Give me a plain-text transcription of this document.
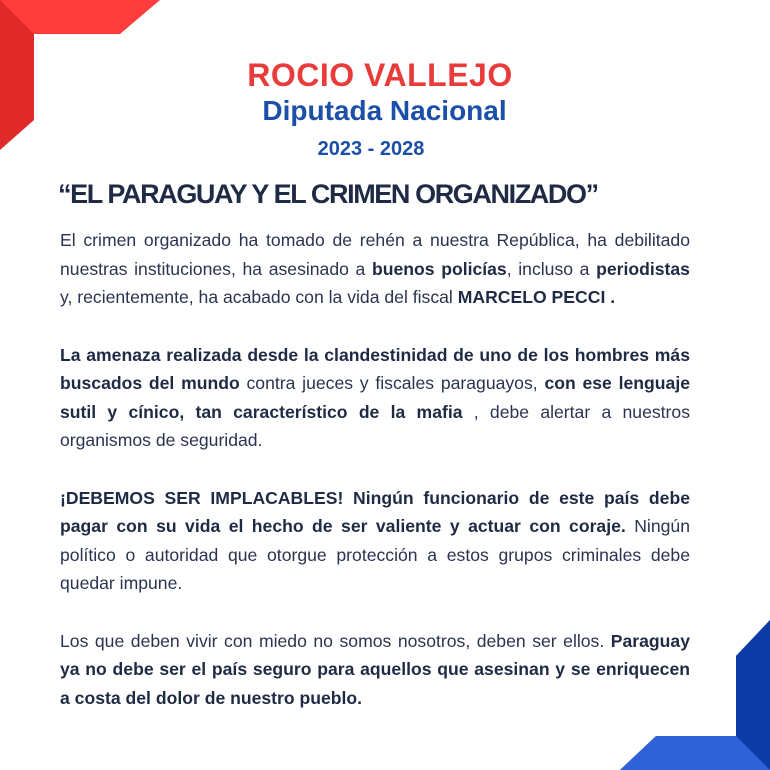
ROCIO VALLEJO
Diputada Nacional
2023 - 2028
“EL PARAGUAY Y EL CRIMEN ORGANIZADO”

El crimen organizado ha tomado de rehén a nuestra República, ha debilitado nuestras instituciones, ha asesinado a buenos policías, incluso a periodistas y, recientemente, ha acabado con la vida del fiscal MARCELO PECCI .

La amenaza realizada desde la clandestinidad de uno de los hombres más buscados del mundo contra jueces y fiscales paraguayos, con ese lenguaje sutil y cínico, tan característico de la mafia , debe alertar a nuestros organismos de seguridad.

¡DEBEMOS SER IMPLACABLES! Ningún funcionario de este país debe pagar con su vida el hecho de ser valiente y actuar con coraje. Ningún político o autoridad que otorgue protección a estos grupos criminales debe quedar impune.

Los que deben vivir con miedo no somos nosotros, deben ser ellos. Paraguay ya no debe ser el país seguro para aquellos que asesinan y se enriquecen a costa del dolor de nuestro pueblo.
